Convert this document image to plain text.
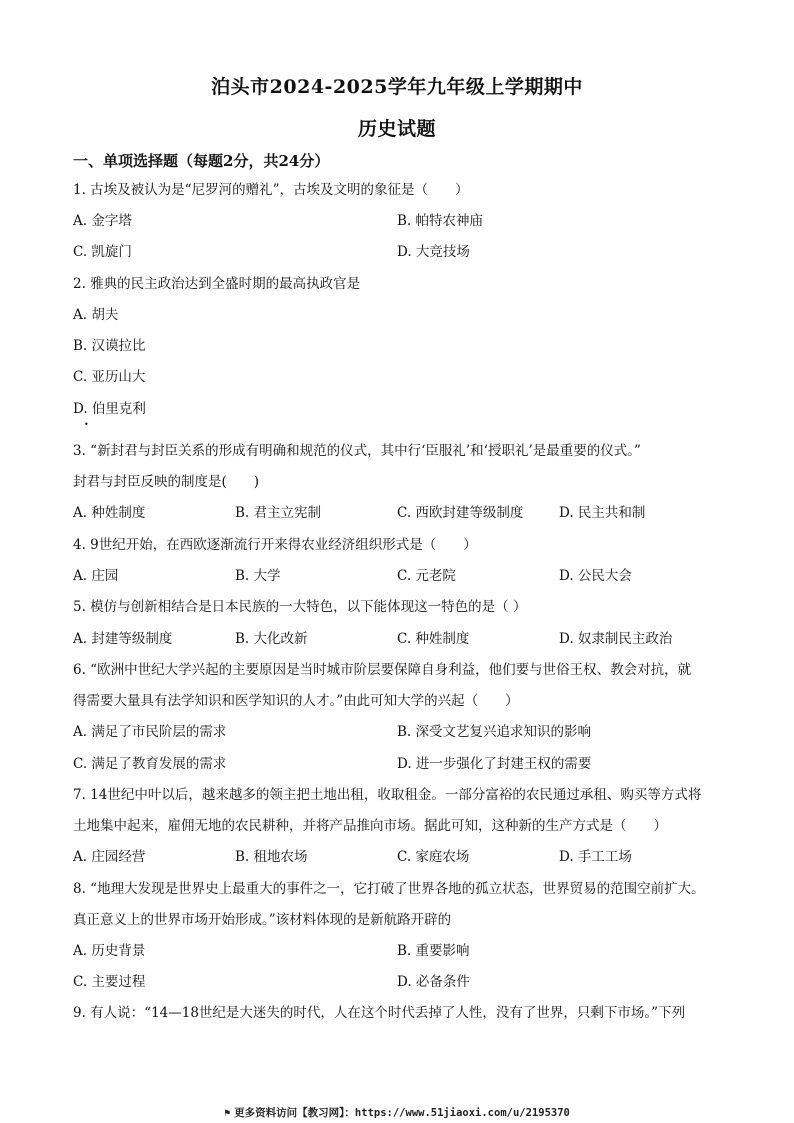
泊头市2024-2025学年九年级上学期期中
历史试题
一、单项选择题（每题2分，共24分）
1. 古埃及被认为是“尼罗河的赠礼”，古埃及文明的象征是（　　）
A. 金字塔	B. 帕特农神庙
C. 凯旋门	D. 大竞技场
2. 雅典的民主政治达到全盛时期的最高执政官是
A. 胡夫
B. 汉谟拉比
C. 亚历山大
D. 伯里克利
•
3. “新封君与封臣关系的形成有明确和规范的仪式，其中行‘臣服礼’和‘授职礼’是最重要的仪式。”
封君与封臣反映的制度是(　　)
A. 种姓制度	B. 君主立宪制	C. 西欧封建等级制度	D. 民主共和制
4. 9世纪开始，在西欧逐渐流行开来得农业经济组织形式是（　　）
A. 庄园	B. 大学	C. 元老院	D. 公民大会
5. 模仿与创新相结合是日本民族的一大特色，以下能体现这一特色的是（ ）
A. 封建等级制度	B. 大化改新	C. 种姓制度	D. 奴隶制民主政治
6. “欧洲中世纪大学兴起的主要原因是当时城市阶层要保障自身利益，他们要与世俗王权、教会对抗，就
得需要大量具有法学知识和医学知识的人才。”由此可知大学的兴起（　　）
A. 满足了市民阶层的需求	B. 深受文艺复兴追求知识的影响
C. 满足了教育发展的需求	D. 进一步强化了封建王权的需要
7. 14世纪中叶以后，越来越多的领主把土地出租，收取租金。一部分富裕的农民通过承租、购买等方式将
土地集中起来，雇佣无地的农民耕种，并将产品推向市场。据此可知，这种新的生产方式是（　　）
A. 庄园经营	B. 租地农场	C. 家庭农场	D. 手工工场
8. “地理大发现是世界史上最重大的事件之一，它打破了世界各地的孤立状态，世界贸易的范围空前扩大。
真正意义上的世界市场开始形成。”该材料体现的是新航路开辟的
A. 历史背景	B. 重要影响
C. 主要过程	D. 必备条件
9. 有人说：“14—18世纪是大迷失的时代，人在这个时代丢掉了人性，没有了世界，只剩下市场。”下列
⚑ 更多资料访问【教习网】：https://www.51jiaoxi.com/u/2195370
